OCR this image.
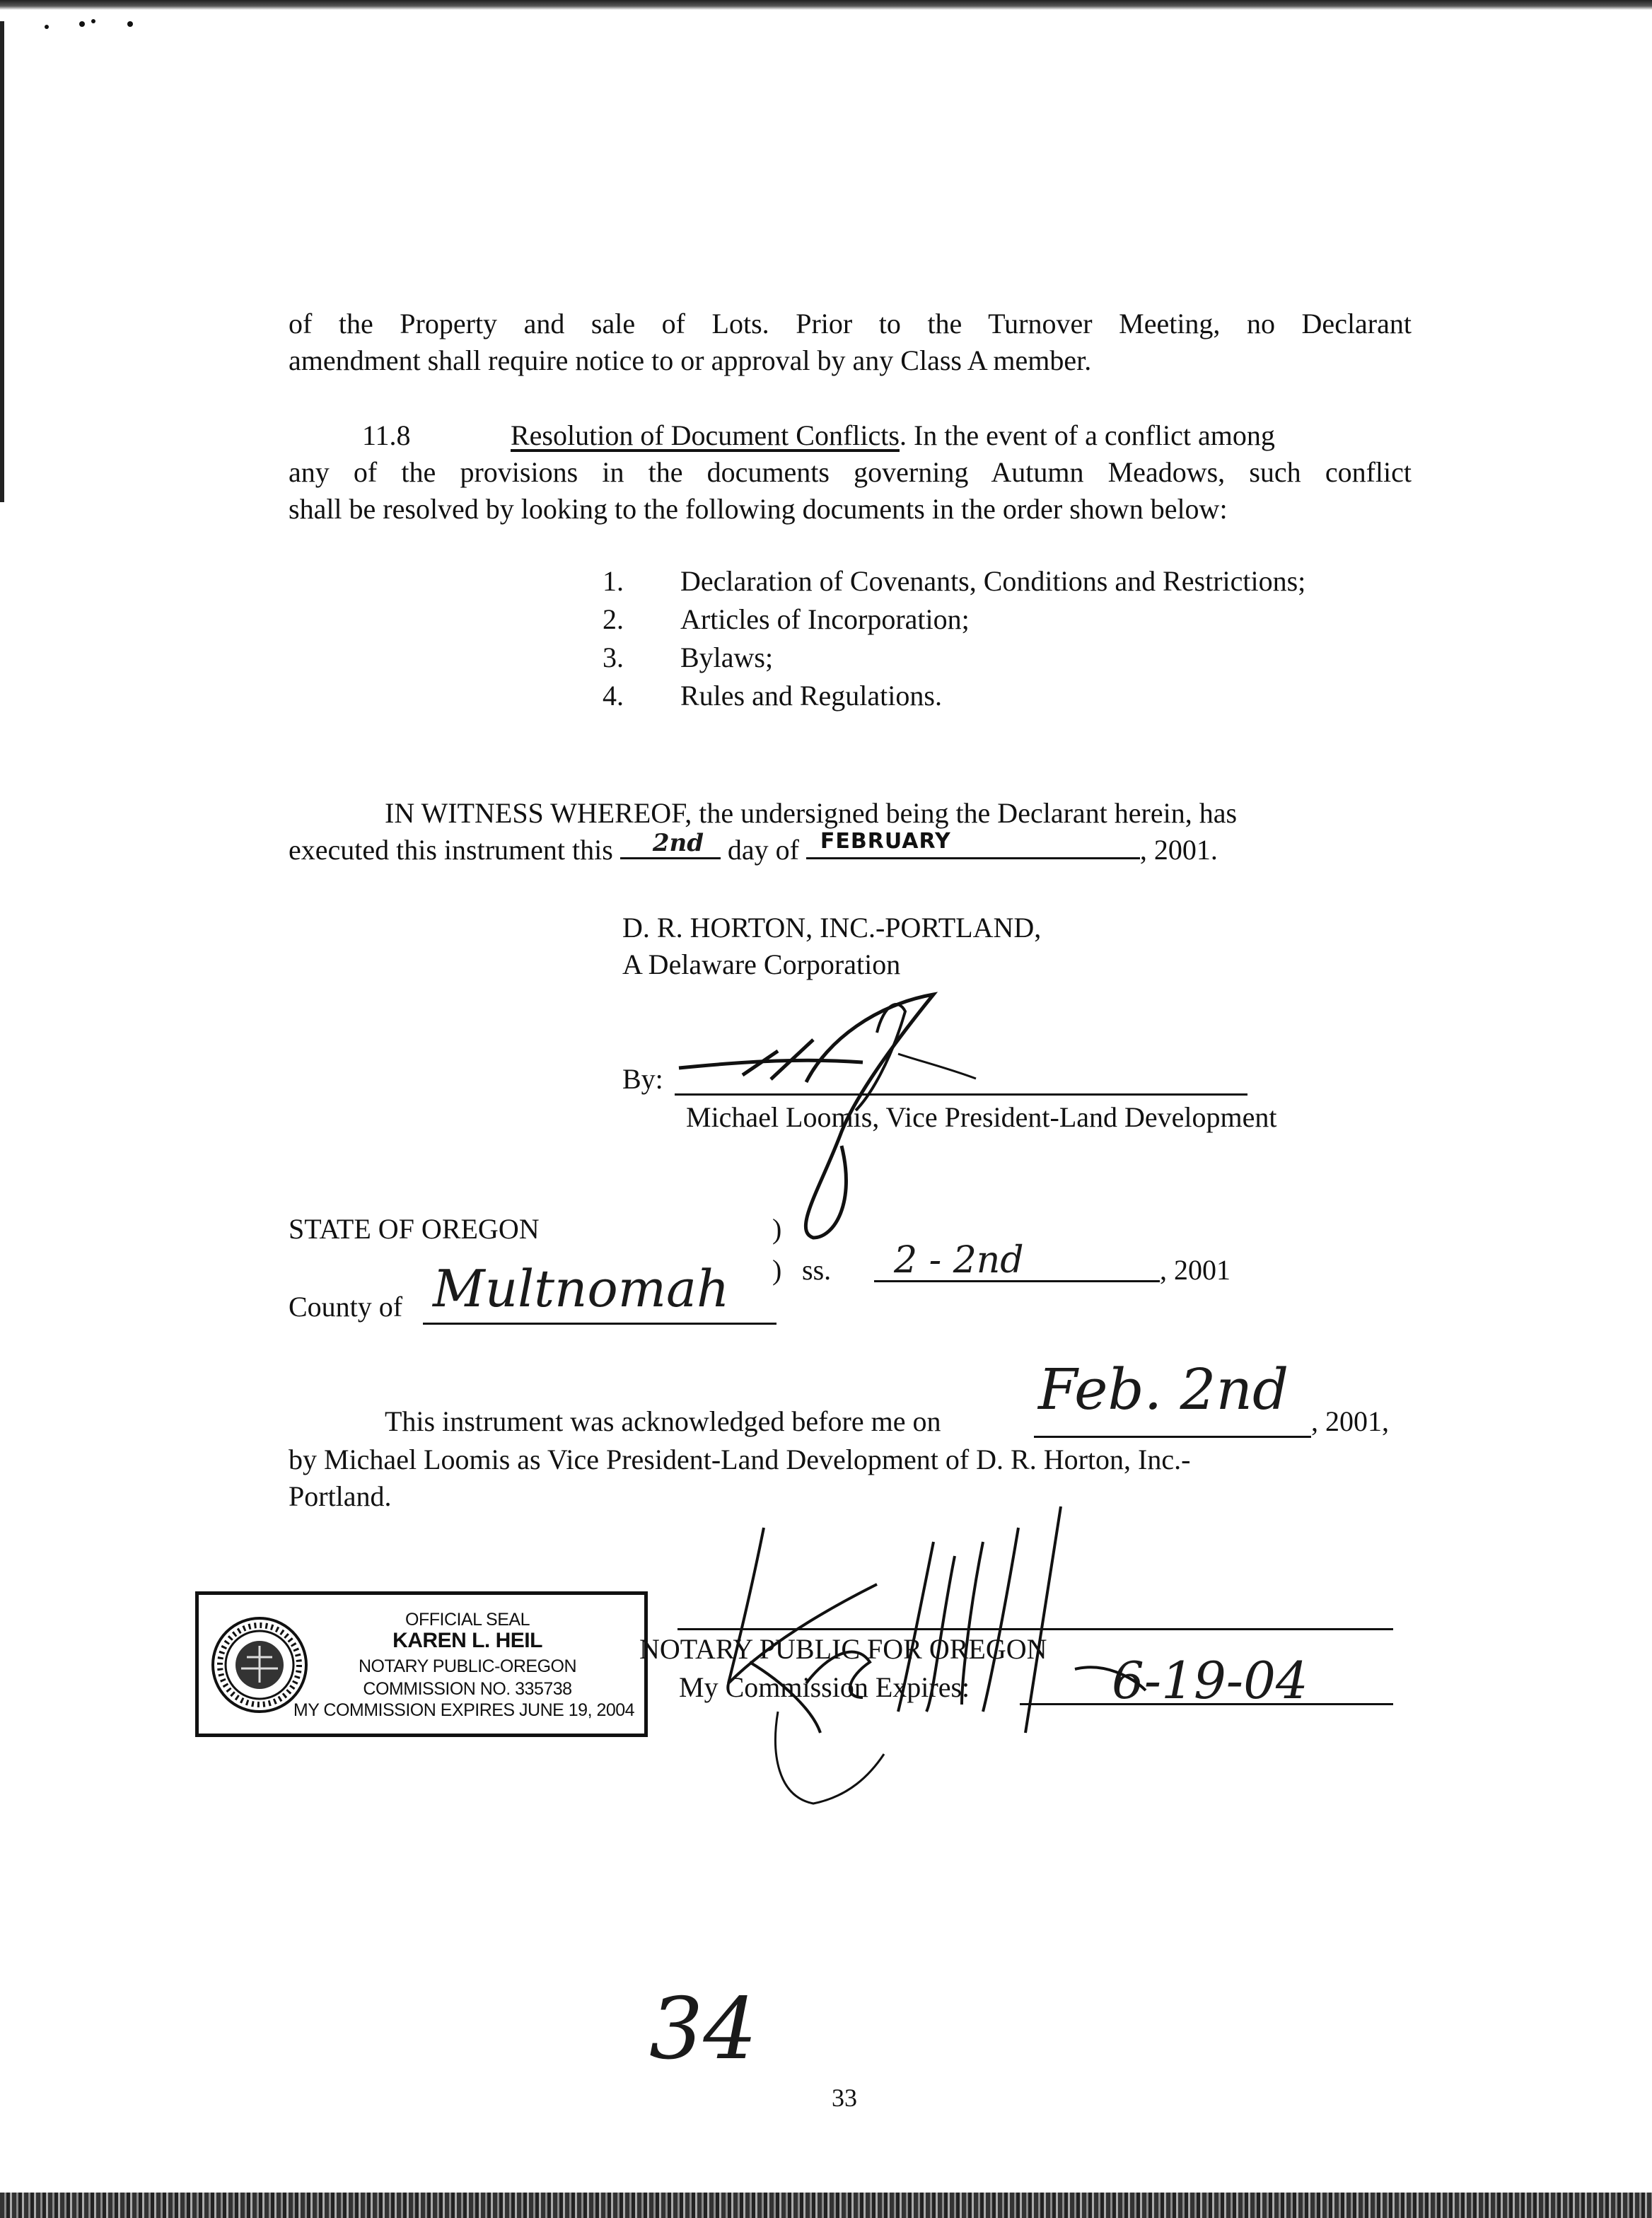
of the Property and sale of Lots. Prior to the Turnover Meeting, no Declarant
amendment shall require notice to or approval by any Class A member.
11.8	Resolution of Document Conflicts. In the event of a conflict among
any of the provisions in the documents governing Autumn Meadows, such conflict
shall be resolved by looking to the following documents in the order shown below:
1. Declaration of Covenants, Conditions and Restrictions;
2. Articles of Incorporation;
3. Bylaws;
4. Rules and Regulations.
IN WITNESS WHEREOF, the undersigned being the Declarant herein, has
executed this instrument this 2nd day of FEBRUARY	, 2001.
D. R. HORTON, INC.-PORTLAND,
A Delaware Corporation
By:
Michael Loomis, Vice President-Land Development
STATE OF OREGON	)
) ss. 2 - 2nd	, 2001
County of Multnomah
This instrument was acknowledged before me on Feb. 2nd , 2001,
by Michael Loomis as Vice President-Land Development of D. R. Horton, Inc.-
Portland.
NOTARY PUBLIC FOR OREGON
My Commission Expires:	6-19-04
OFFICIAL SEAL
KAREN L. HEIL
NOTARY PUBLIC-OREGON
COMMISSION NO. 335738
MY COMMISSION EXPIRES JUNE 19, 2004
34
33
